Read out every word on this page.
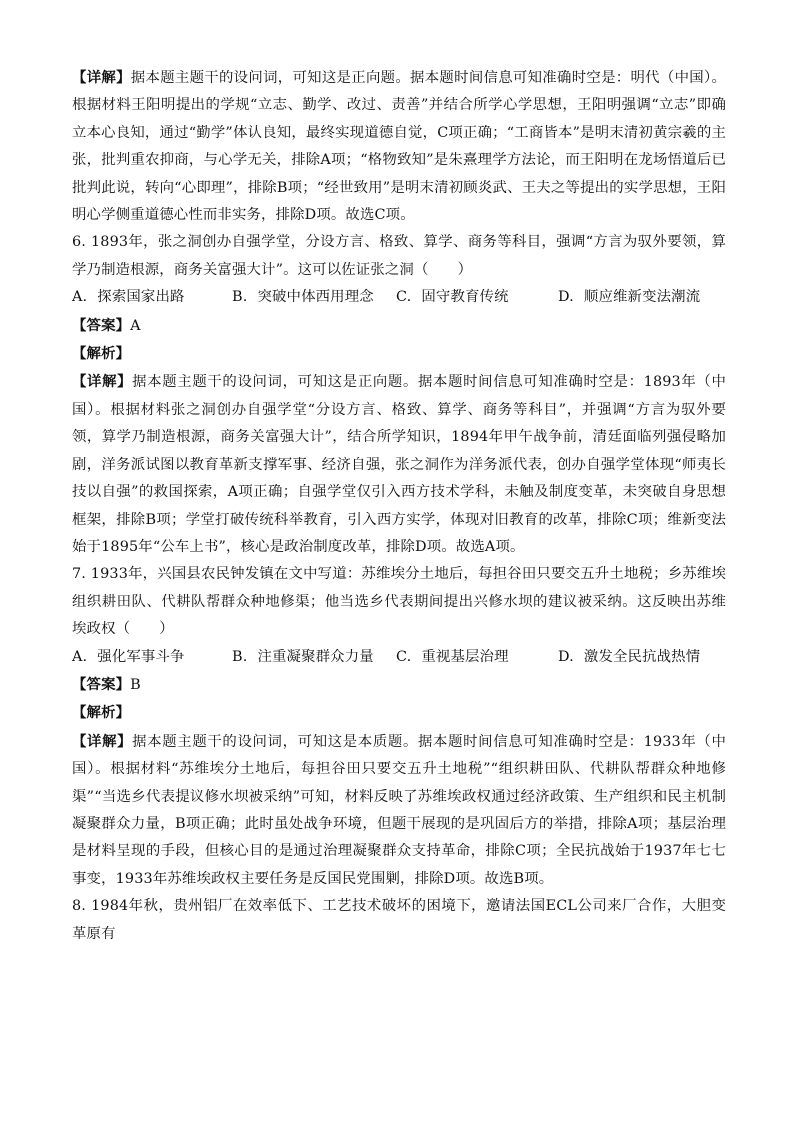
【详解】据本题主题干的设问词，可知这是正向题。据本题时间信息可知准确时空是：明代（中国）。根据材料王阳明提出的学规“立志、勤学、改过、责善”并结合所学心学思想，王阳明强调“立志”即确立本心良知，通过“勤学”体认良知，最终实现道德自觉，C项正确；“工商皆本”是明末清初黄宗羲的主张，批判重农抑商，与心学无关，排除A项；“格物致知”是朱熹理学方法论，而王阳明在龙场悟道后已批判此说，转向“心即理”，排除B项；“经世致用”是明末清初顾炎武、王夫之等提出的实学思想，王阳明心学侧重道德心性而非实务，排除D项。故选C项。

6. 1893年，张之洞创办自强学堂，分设方言、格致、算学、商务等科目，强调“方言为驭外要领，算学乃制造根源，商务关富强大计”。这可以佐证张之洞（　　）

A. 探索国家出路	B. 突破中体西用理念	C. 固守教育传统	D. 顺应维新变法潮流

【答案】A

【解析】

【详解】据本题主题干的设问词，可知这是正向题。据本题时间信息可知准确时空是：1893年（中国）。根据材料张之洞创办自强学堂“分设方言、格致、算学、商务等科目”，并强调“方言为驭外要领，算学乃制造根源，商务关富强大计”，结合所学知识，1894年甲午战争前，清廷面临列强侵略加剧，洋务派试图以教育革新支撑军事、经济自强，张之洞作为洋务派代表，创办自强学堂体现“师夷长技以自强”的救国探索，A项正确；自强学堂仅引入西方技术学科，未触及制度变革，未突破自身思想框架，排除B项；学堂打破传统科举教育，引入西方实学，体现对旧教育的改革，排除C项；维新变法始于1895年“公车上书”，核心是政治制度改革，排除D项。故选A项。

7. 1933年，兴国县农民钟发镇在文中写道：苏维埃分土地后，每担谷田只要交五升土地税；乡苏维埃组织耕田队、代耕队帮群众种地修渠；他当选乡代表期间提出兴修水坝的建议被采纳。这反映出苏维埃政权（　　）

A. 强化军事斗争	B. 注重凝聚群众力量	C. 重视基层治理	D. 激发全民抗战热情

【答案】B

【解析】

【详解】据本题主题干的设问词，可知这是本质题。据本题时间信息可知准确时空是：1933年（中国）。根据材料“苏维埃分土地后，每担谷田只要交五升土地税”“组织耕田队、代耕队帮群众种地修渠”“当选乡代表提议修水坝被采纳”可知，材料反映了苏维埃政权通过经济政策、生产组织和民主机制凝聚群众力量，B项正确；此时虽处战争环境，但题干展现的是巩固后方的举措，排除A项；基层治理是材料呈现的手段，但核心目的是通过治理凝聚群众支持革命，排除C项；全民抗战始于1937年七七事变，1933年苏维埃政权主要任务是反国民党围剿，排除D项。故选B项。

8. 1984年秋，贵州铝厂在效率低下、工艺技术破坏的困境下，邀请法国ECL公司来厂合作，大胆变革原有
